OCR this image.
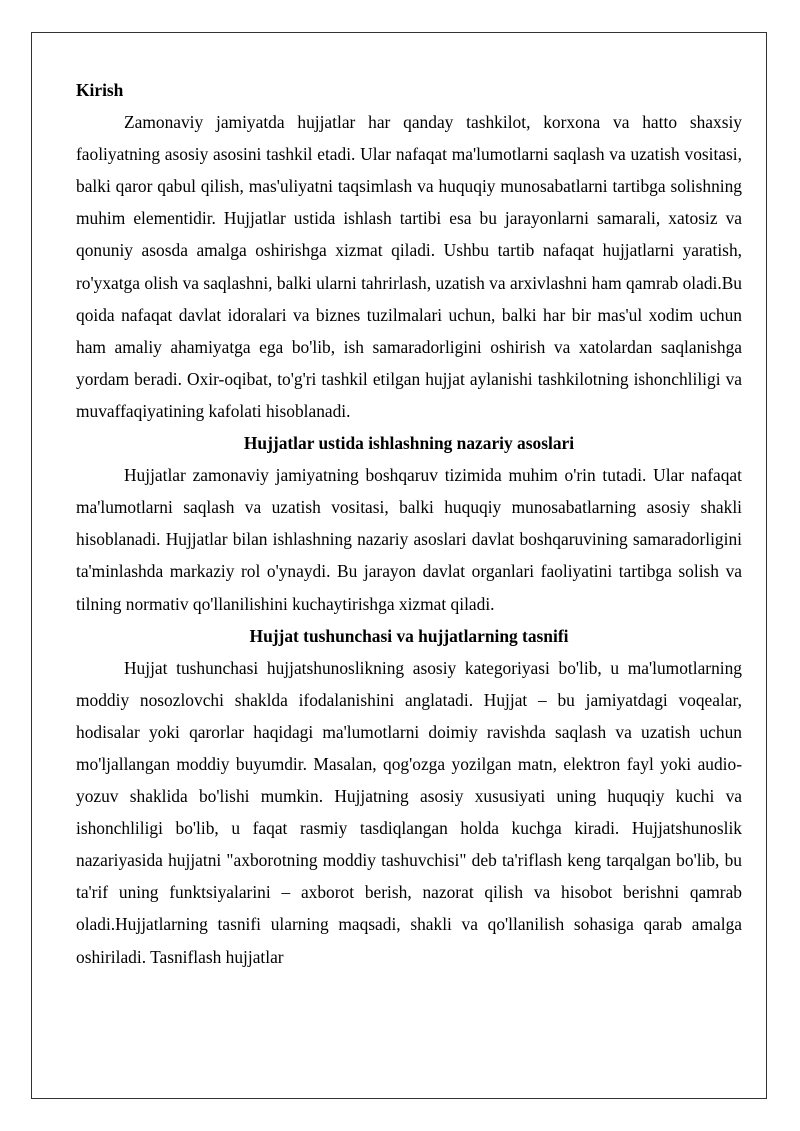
Kirish

Zamonaviy jamiyatda hujjatlar har qanday tashkilot, korxona va hatto shaxsiy faoliyatning asosiy asosini tashkil etadi. Ular nafaqat ma'lumotlarni saqlash va uzatish vositasi, balki qaror qabul qilish, mas'uliyatni taqsimlash va huquqiy munosabatlarni tartibga solishning muhim elementidir. Hujjatlar ustida ishlash tartibi esa bu jarayonlarni samarali, xatosiz va qonuniy asosda amalga oshirishga xizmat qiladi. Ushbu tartib nafaqat hujjatlarni yaratish, ro'yxatga olish va saqlashni, balki ularni tahrirlash, uzatish va arxivlashni ham qamrab oladi.Bu qoida nafaqat davlat idoralari va biznes tuzilmalari uchun, balki har bir mas'ul xodim uchun ham amaliy ahamiyatga ega bo'lib, ish samaradorligini oshirish va xatolardan saqlanishga yordam beradi. Oxir-oqibat, to'g'ri tashkil etilgan hujjat aylanishi tashkilotning ishonchliligi va muvaffaqiyatining kafolati hisoblanadi.

Hujjatlar ustida ishlashning nazariy asoslari

Hujjatlar zamonaviy jamiyatning boshqaruv tizimida muhim o'rin tutadi. Ular nafaqat ma'lumotlarni saqlash va uzatish vositasi, balki huquqiy munosabatlarning asosiy shakli hisoblanadi. Hujjatlar bilan ishlashning nazariy asoslari davlat boshqaruvining samaradorligini ta'minlashda markaziy rol o'ynaydi. Bu jarayon davlat organlari faoliyatini tartibga solish va tilning normativ qo'llanilishini kuchaytirishga xizmat qiladi.

Hujjat tushunchasi va hujjatlarning tasnifi

Hujjat tushunchasi hujjatshunoslikning asosiy kategoriyasi bo'lib, u ma'lumotlarning moddiy nosozlovchi shaklda ifodalanishini anglatadi. Hujjat – bu jamiyatdagi voqealar, hodisalar yoki qarorlar haqidagi ma'lumotlarni doimiy ravishda saqlash va uzatish uchun mo'ljallangan moddiy buyumdir. Masalan, qog'ozga yozilgan matn, elektron fayl yoki audio-yozuv shaklida bo'lishi mumkin. Hujjatning asosiy xususiyati uning huquqiy kuchi va ishonchliligi bo'lib, u faqat rasmiy tasdiqlangan holda kuchga kiradi. Hujjatshunoslik nazariyasida hujjatni "axborotning moddiy tashuvchisi" deb ta'riflash keng tarqalgan bo'lib, bu ta'rif uning funktsiyalarini – axborot berish, nazorat qilish va hisobot berishni qamrab oladi.Hujjatlarning tasnifi ularning maqsadi, shakli va qo'llanilish sohasiga qarab amalga oshiriladi. Tasniflash hujjatlar
